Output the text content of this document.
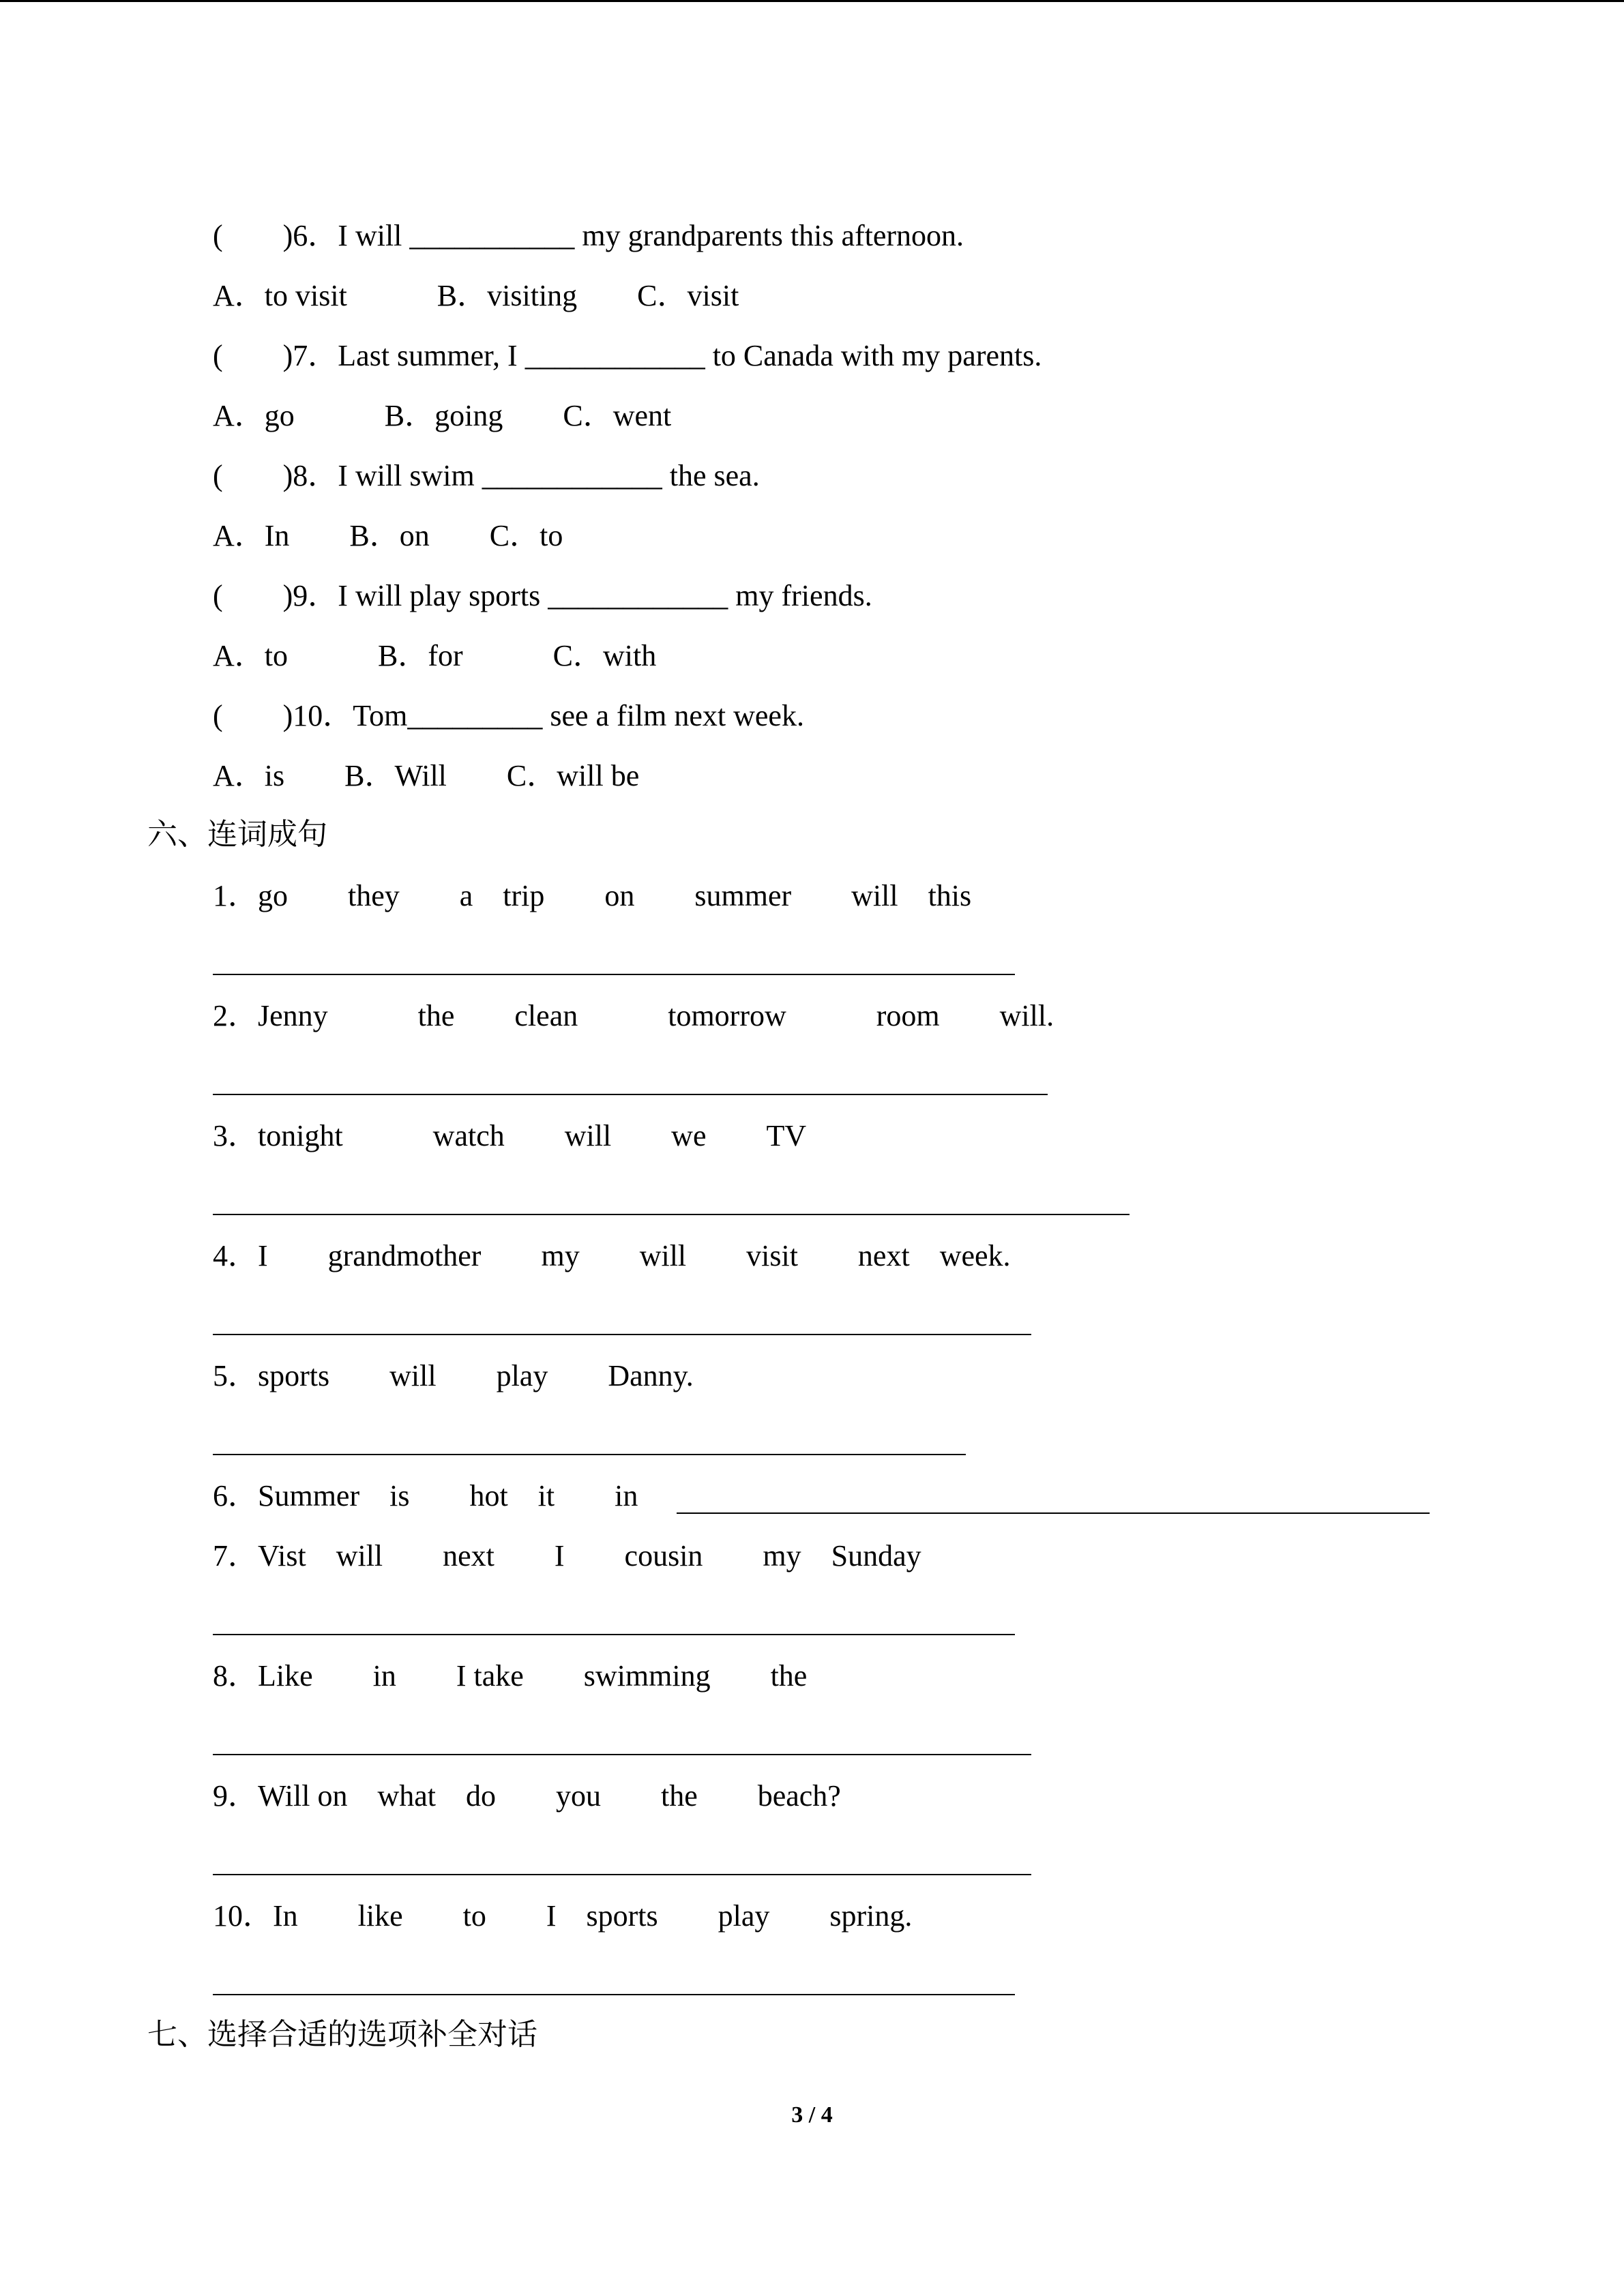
(　　)6．I will ___________ my grandparents this afternoon.
A．to visit　　　B．visiting　　C．visit
(　　)7．Last summer, I ____________ to Canada with my parents.
A．go　　　B．going　　C．went
(　　)8．I will swim ____________ the sea.
A．In　　B．on　　C．to
(　　)9．I will play sports ____________ my friends.
A．to　　　B．for　　　C．with
(　　)10．Tom_________ see a film next week.
A．is　　B．Will　　C．will be
六、连词成句
1．go　　they　　a　trip　　on　　summer　　will　this
2．Jenny　　　the　　clean　　　tomorrow　　　room　　will.
3．tonight　　　watch　　will　　we　　TV
4．I　　grandmother　　my　　will　　visit　　next　week.
5．sports　　will　　play　　Danny.
6．Summer　is　　hot　it　　in
7．Vist　will　　next　　I　　cousin　　my　Sunday
8．Like　　in　　I take　　swimming　　the
9．Will on　what　do　　you　　the　　beach?
10．In　　like　　to　　I　sports　　play　　spring.
七、选择合适的选项补全对话
3 / 4
